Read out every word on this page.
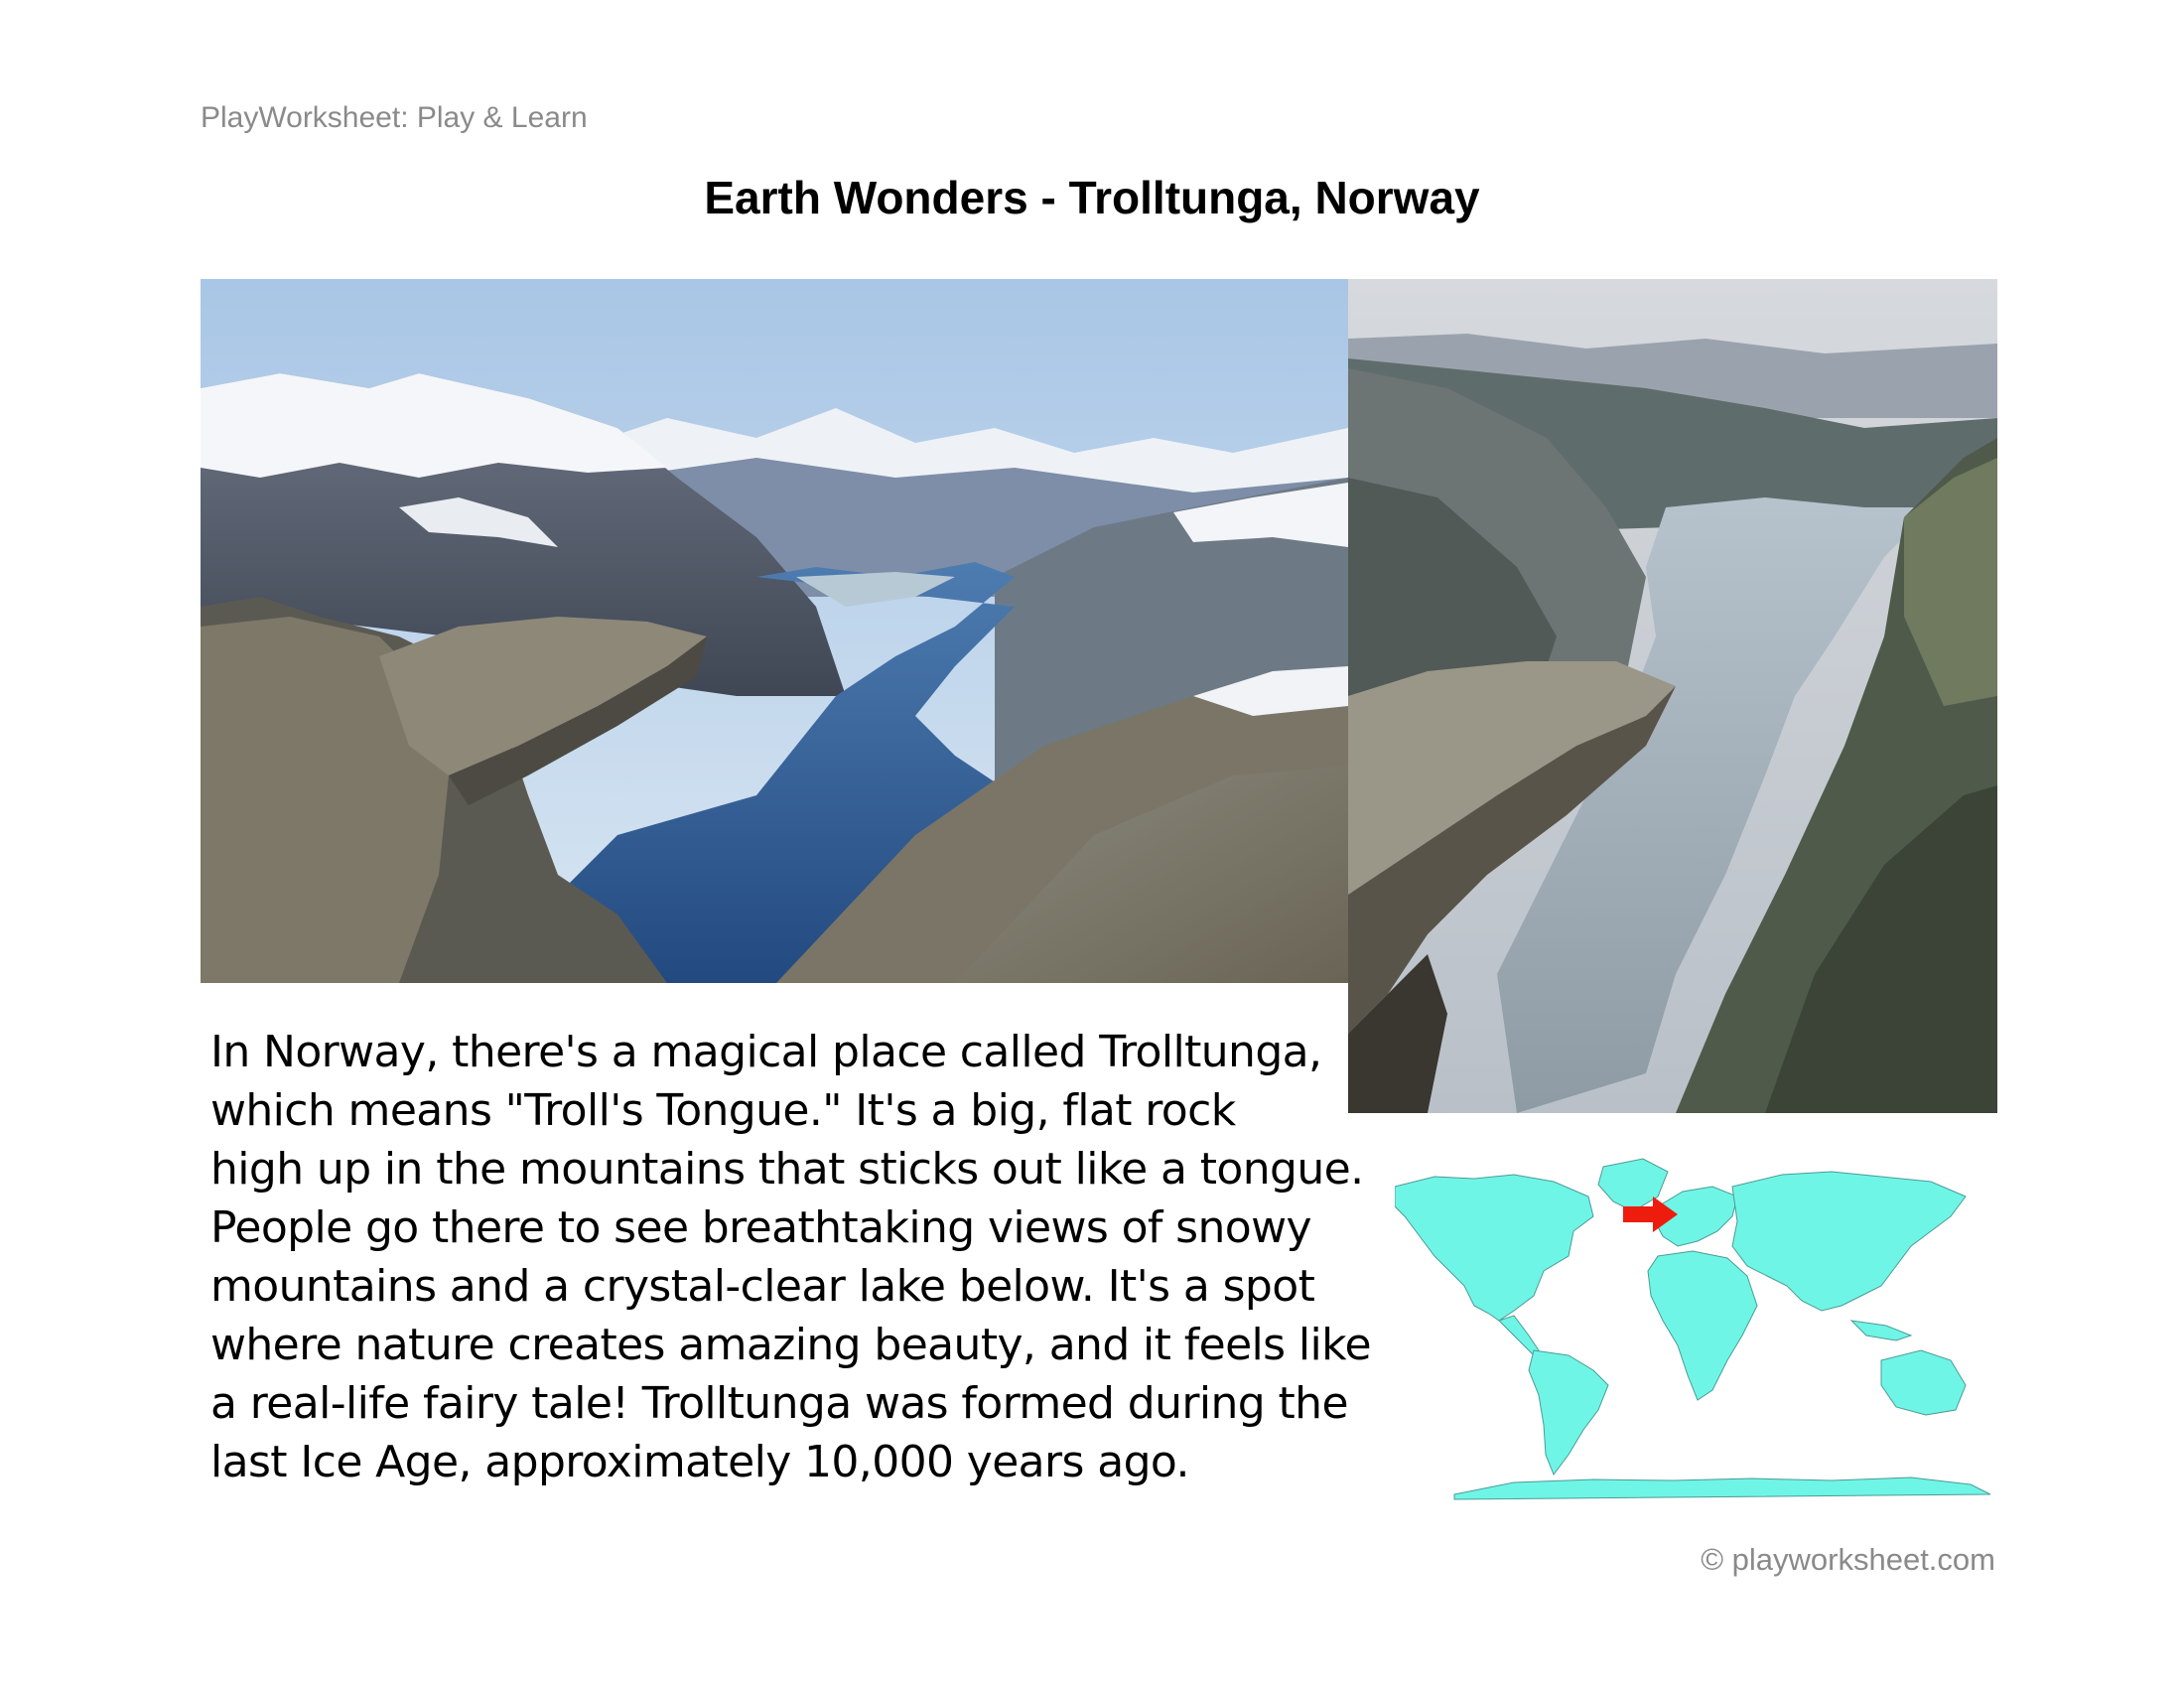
PlayWorksheet: Play & Learn
Earth Wonders - Trolltunga, Norway
In Norway, there's a magical place called Trolltunga,
which means "Troll's Tongue." It's a big, flat rock
high up in the mountains that sticks out like a tongue.
People go there to see breathtaking views of snowy
mountains and a crystal-clear lake below. It's a spot
where nature creates amazing beauty, and it feels like
a real-life fairy tale! Trolltunga was formed during the
last Ice Age, approximately 10,000 years ago.
© playworksheet.com
